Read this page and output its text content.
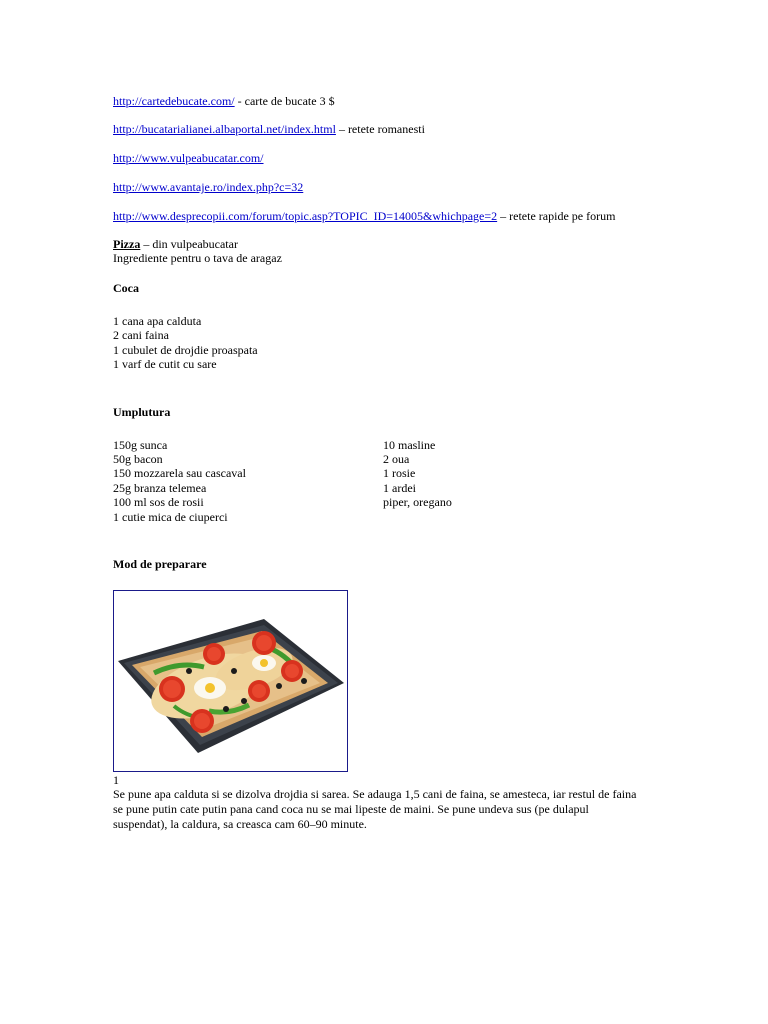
http://cartedebucate.com/ - carte de bucate 3 $
http://bucatarialianei.albaportal.net/index.html – retete romanesti
http://www.vulpeabucatar.com/
http://www.avantaje.ro/index.php?c=32
http://www.desprecopii.com/forum/topic.asp?TOPIC_ID=14005&whichpage=2 – retete rapide pe forum
Pizza – din vulpeabucatar
Ingrediente pentru o tava de aragaz
Coca
1 cana apa calduta
2 cani faina
1 cubulet de drojdie proaspata
1 varf de cutit cu sare
Umplutura
150g sunca
50g bacon
150 mozzarela sau cascaval
25g branza telemea
100 ml sos de rosii
1 cutie mica de ciuperci
10 masline
2 oua
1 rosie
1 ardei
piper, oregano
Mod de preparare
1
Se pune apa calduta si se dizolva drojdia si sarea. Se adauga 1,5 cani de faina, se amesteca, iar restul de faina se pune putin cate putin pana cand coca nu se mai lipeste de maini. Se pune undeva sus (pe dulapul suspendat), la caldura, sa creasca cam 60–90 minute.
